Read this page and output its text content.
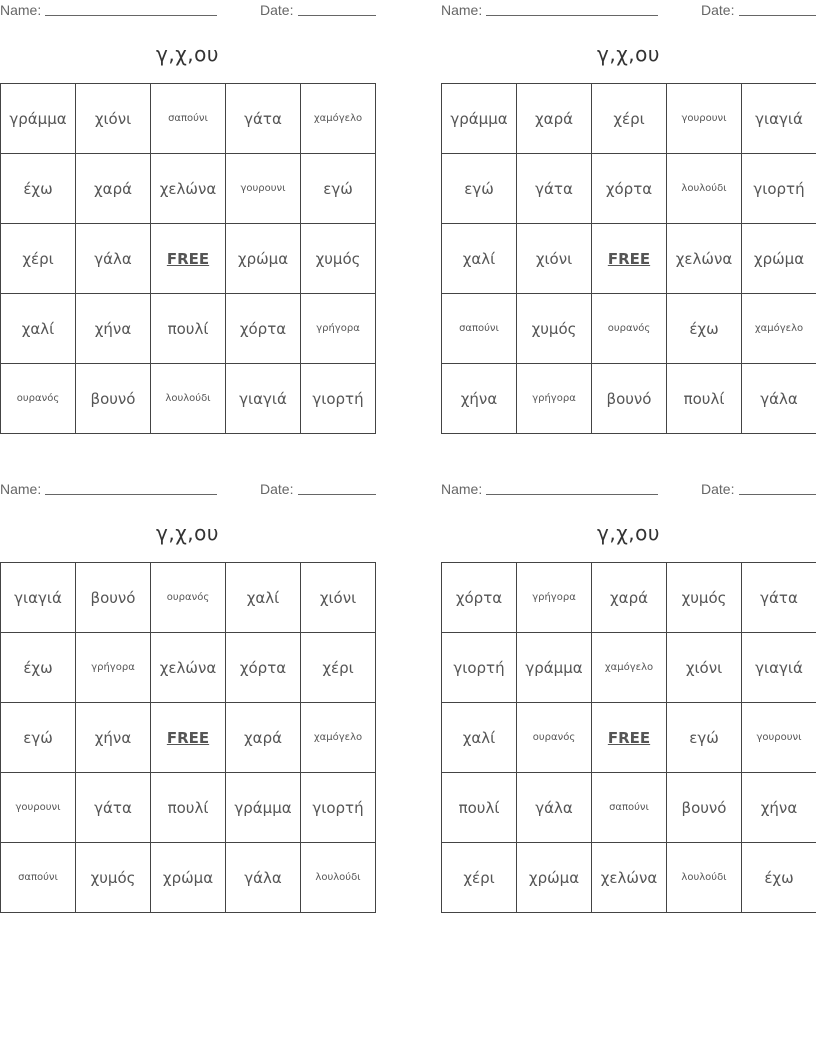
Name:	Date:
γ,χ,ου
γράμμα	χιόνι	σαπούνι	γάτα	χαμόγελο
έχω	χαρά	χελώνα	γουρουνι	εγώ
χέρι	γάλα	FREE	χρώμα	χυμός
χαλί	χήνα	πουλί	χόρτα	γρήγορα
ουρανός	βουνό	λουλούδι	γιαγιά	γιορτή
Name:	Date:
γ,χ,ου
γράμμα	χαρά	χέρι	γουρουνι	γιαγιά
εγώ	γάτα	χόρτα	λουλούδι	γιορτή
χαλί	χιόνι	FREE	χελώνα	χρώμα
σαπούνι	χυμός	ουρανός	έχω	χαμόγελο
χήνα	γρήγορα	βουνό	πουλί	γάλα
Name:	Date:
γ,χ,ου
γιαγιά	βουνό	ουρανός	χαλί	χιόνι
έχω	γρήγορα	χελώνα	χόρτα	χέρι
εγώ	χήνα	FREE	χαρά	χαμόγελο
γουρουνι	γάτα	πουλί	γράμμα	γιορτή
σαπούνι	χυμός	χρώμα	γάλα	λουλούδι
Name:	Date:
γ,χ,ου
χόρτα	γρήγορα	χαρά	χυμός	γάτα
γιορτή	γράμμα	χαμόγελο	χιόνι	γιαγιά
χαλί	ουρανός	FREE	εγώ	γουρουνι
πουλί	γάλα	σαπούνι	βουνό	χήνα
χέρι	χρώμα	χελώνα	λουλούδι	έχω
